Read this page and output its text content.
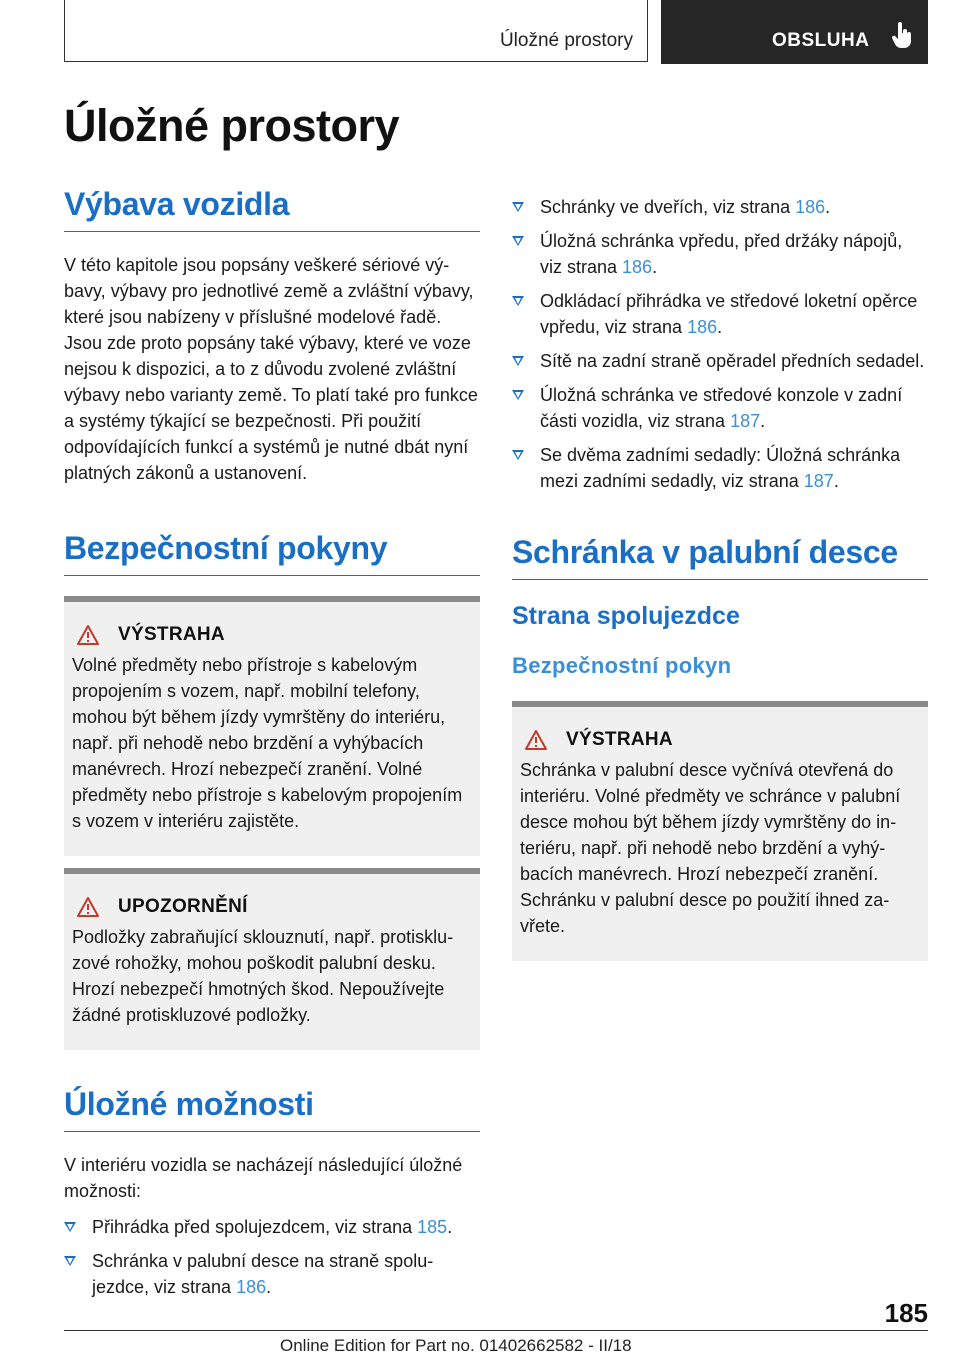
Úložné prostory	OBSLUHA
Úložné prostory
Výbava vozidla

V této kapitole jsou popsány veškeré sériové výbavy, výbavy pro jednotlivé země a zvláštní výbavy, které jsou nabízeny v příslušné modelové řadě. Jsou zde proto popsány také výbavy, které ve voze nejsou k dispozici, a to z důvodu zvolené zvláštní výbavy nebo varianty země. To platí také pro funkce a systémy týkající se bezpečnosti. Při použití odpovídajících funkcí a systémů je nutné dbát nyní platných zákonů a ustanovení.

Bezpečnostní pokyny
VÝSTRAHA

Volné předměty nebo přístroje s kabelovým propojením s vozem, např. mobilní telefony, mohou být během jízdy vymrštěny do interiéru, např. při nehodě nebo brzdění a vyhýbacích manévrech. Hrozí nebezpečí zranění. Volné předměty nebo přístroje s kabelovým propojením s vozem v interiéru zajistěte.

UPOZORNĚNÍ

Podložky zabraňující sklouznutí, např. protiskluzové rohožky, mohou poškodit palubní desku. Hrozí nebezpečí hmotných škod. Nepoužívejte žádné protiskluzové podložky.

Úložné možnosti

V interiéru vozidla se nacházejí následující úložné možnosti:

Přihrádka před spolujezdcem, viz strana 185.
Schránka v palubní desce na straně spolujezdce, viz strana 186.
Schránky ve dveřích, viz strana 186.
Úložná schránka vpředu, před držáky nápojů, viz strana 186.
Odkládací přihrádka ve středové loketní opěrce vpředu, viz strana 186.
Sítě na zadní straně opěradel předních sedadel.
Úložná schránka ve středové konzole v zadní části vozidla, viz strana 187.
Se dvěma zadními sedadly: Úložná schránka mezi zadními sedadly, viz strana 187.
Schránka v palubní desce
Strana spolujezdce
Bezpečnostní pokyn
VÝSTRAHA

Schránka v palubní desce vyčnívá otevřená do interiéru. Volné předměty ve schránce v palubní desce mohou být během jízdy vymrštěny do interiéru, např. při nehodě nebo brzdění a vyhýbacích manévrech. Hrozí nebezpečí zranění. Schránku v palubní desce po použití ihned zavřete.

185
Online Edition for Part no. 01402662582 - II/18
